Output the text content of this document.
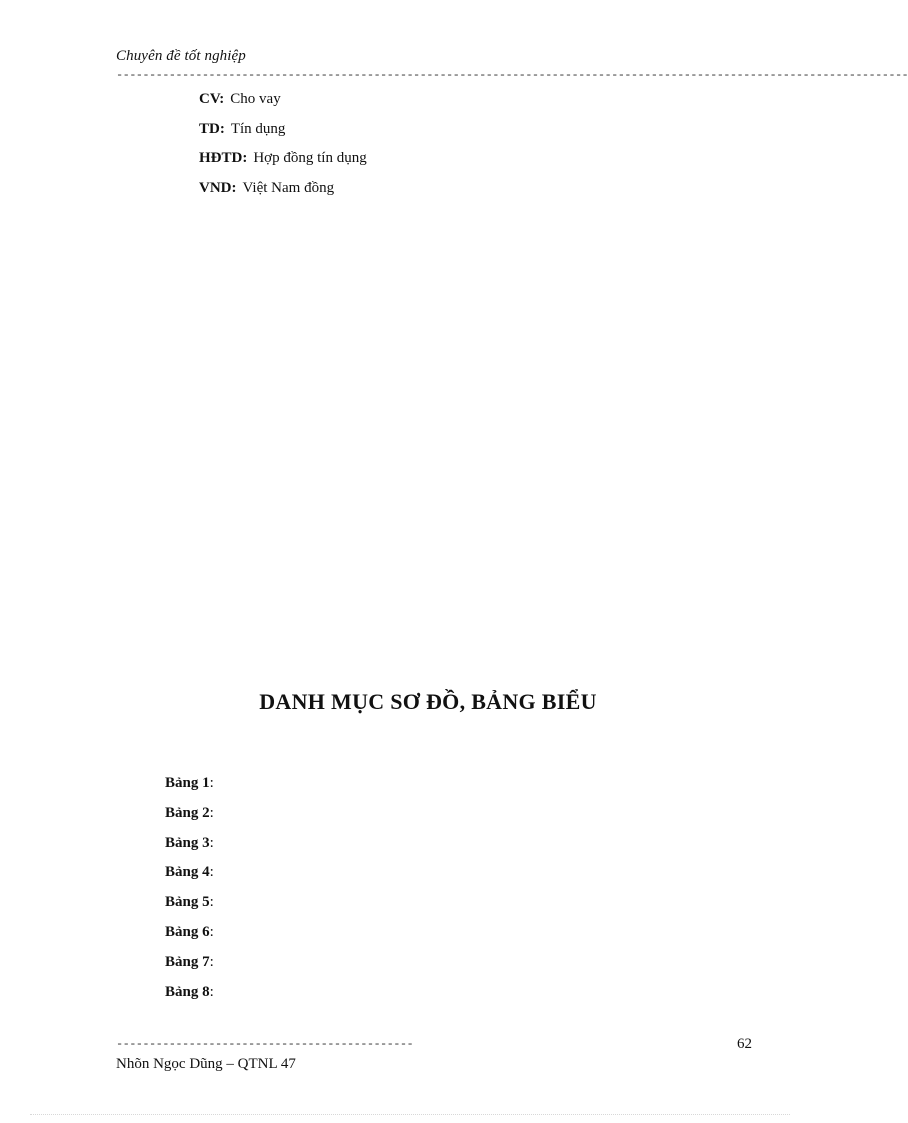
Chuyên đề tốt nghiệp
------------------------------------------------------------------------------------------------------------------------
CV: Cho vay
TD: Tín dụng
HĐTD: Hợp đồng tín dụng
VND: Việt Nam đồng
DANH MỤC SƠ ĐỒ, BẢNG BIỂU
Bảng 1:
Bảng 2:
Bảng 3:
Bảng 4:
Bảng 5:
Bảng 6:
Bảng 7:
Bảng 8:
---------------------------------------------	62
Nhõn Ngọc Dũng – QTNL 47
